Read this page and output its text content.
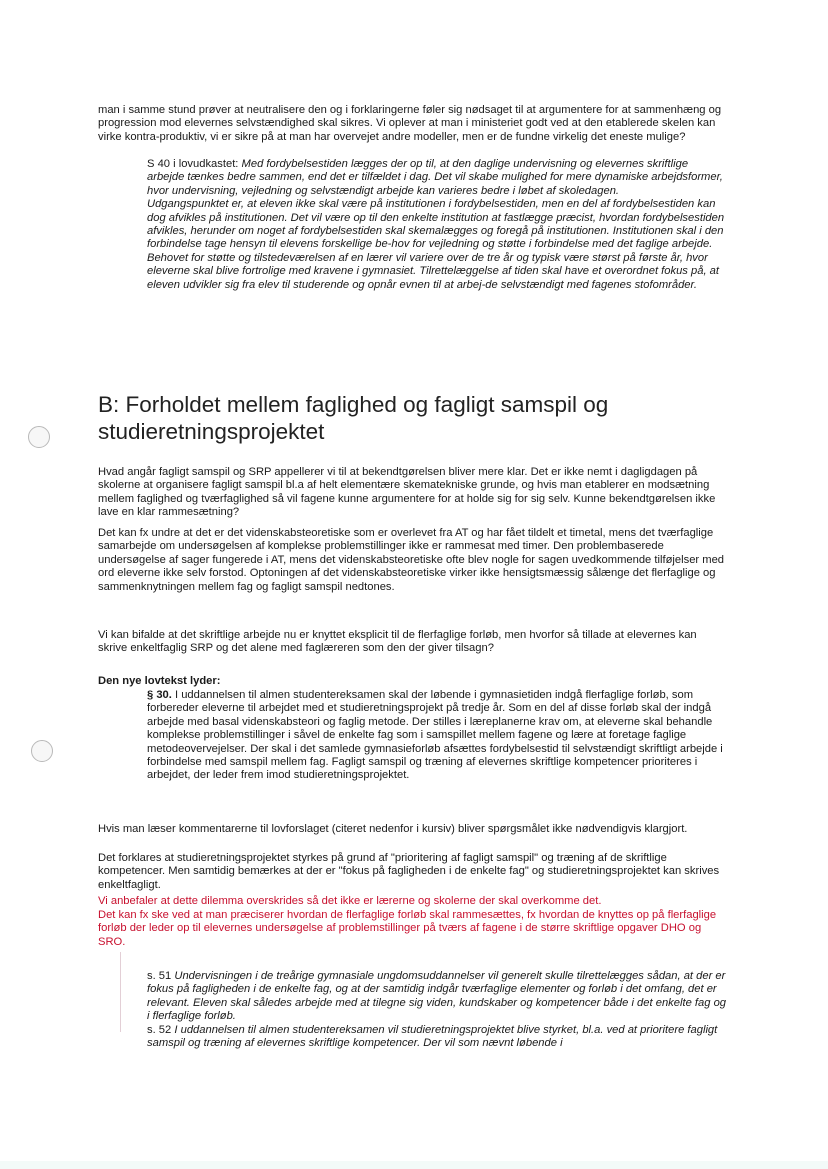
man i samme stund prøver at neutralisere den og i forklaringerne føler sig nødsaget til at argumentere for at sammenhæng og progression mod elevernes selvstændighed skal sikres. Vi oplever at man i ministeriet godt ved at den etablerede skelen kan virke kontra-produktiv, vi er sikre på at man har overvejet andre modeller, men er de fundne virkelig det eneste mulige?

S 40 i lovudkastet: Med fordybelsestiden lægges der op til, at den daglige undervisning og elevernes skriftlige arbejde tænkes bedre sammen, end det er tilfældet i dag. Det vil skabe mulighed for mere dynamiske arbejdsformer, hvor undervisning, vejledning og selvstændigt arbejde kan varieres bedre i løbet af skoledagen.

Udgangspunktet er, at eleven ikke skal være på institutionen i fordybelsestiden, men en del af fordybelsestiden kan dog afvikles på institutionen. Det vil være op til den enkelte institution at fastlægge præcist, hvordan fordybelsestiden afvikles, herunder om noget af fordybelsestiden skal skemalægges og foregå på institutionen. Institutionen skal i den forbindelse tage hensyn til elevens forskellige be-hov for vejledning og støtte i forbindelse med det faglige arbejde.

Behovet for støtte og tilstedeværelsen af en lærer vil variere over de tre år og typisk være størst på første år, hvor eleverne skal blive fortrolige med kravene i gymnasiet. Tilrettelæggelse af tiden skal have et overordnet fokus på, at eleven udvikler sig fra elev til studerende og opnår evnen til at arbej-de selvstændigt med fagenes stofområder.

B: Forholdet mellem faglighed og fagligt samspil og studieretningsprojektet

Hvad angår fagligt samspil og SRP appellerer vi til at bekendtgørelsen bliver mere klar. Det er ikke nemt i dagligdagen på skolerne at organisere fagligt samspil bl.a af helt elementære skematekniske grunde, og hvis man etablerer en modsætning mellem faglighed og tværfaglighed så vil fagene kunne argumentere for at holde sig for sig selv. Kunne bekendtgørelsen ikke lave en klar rammesætning?

Det kan fx undre at det er det videnskabsteoretiske som er overlevet fra AT og har fået tildelt et timetal, mens det tværfaglige samarbejde om undersøgelsen af komplekse problemstillinger ikke er rammesat med timer. Den problembaserede undersøgelse af sager fungerede i AT, mens det videnskabsteoretiske ofte blev nogle for sagen uvedkommende tilføjelser med ord eleverne ikke selv forstod. Optoningen af det videnskabsteoretiske virker ikke hensigtsmæssig sålænge det flerfaglige og sammenknytningen mellem fag og fagligt samspil nedtones.

Vi kan bifalde at det skriftlige arbejde nu er knyttet eksplicit til de flerfaglige forløb, men hvorfor så tillade at elevernes kan skrive enkeltfaglig SRP og det alene med faglæreren som den der giver tilsagn?

Den nye lovtekst lyder:

§ 30. I uddannelsen til almen studentereksamen skal der løbende i gymnasietiden indgå flerfaglige forløb, som forbereder eleverne til arbejdet med et studieretningsprojekt på tredje år. Som en del af disse forløb skal der indgå arbejde med basal videnskabsteori og faglig metode. Der stilles i læreplanerne krav om, at eleverne skal behandle komplekse problemstillinger i såvel de enkelte fag som i samspillet mellem fagene og lære at foretage faglige metodeovervejelser. Der skal i det samlede gymnasieforløb afsættes fordybelsestid til selvstændigt skriftligt arbejde i forbindelse med samspil mellem fag. Fagligt samspil og træning af elevernes skriftlige kompetencer prioriteres i arbejdet, der leder frem imod studieretningsprojektet.

Hvis man læser kommentarerne til lovforslaget (citeret nedenfor i kursiv) bliver spørgsmålet ikke nødvendigvis klargjort.

Det forklares at studieretningsprojektet styrkes på grund af "prioritering af fagligt samspil" og træning af de skriftlige kompetencer. Men samtidig bemærkes at der er "fokus på fagligheden i de enkelte fag" og studieretningsprojektet kan skrives enkeltfagligt.

Vi anbefaler at dette dilemma overskrides så det ikke er lærerne og skolerne der skal overkomme det.

Det kan fx ske ved at man præciserer hvordan de flerfaglige forløb skal rammesættes, fx hvordan de knyttes op på flerfaglige forløb der leder op til elevernes undersøgelse af problemstillinger på tværs af fagene i de større skriftlige opgaver DHO og SRO.

s. 51 Undervisningen i de treårige gymnasiale ungdomsuddannelser vil generelt skulle tilrettelægges sådan, at der er fokus på fagligheden i de enkelte fag, og at der samtidig indgår tværfaglige elementer og forløb i det omfang, det er relevant. Eleven skal således arbejde med at tilegne sig viden, kundskaber og kompetencer både i det enkelte fag og i flerfaglige forløb.

s. 52 I uddannelsen til almen studentereksamen vil studieretningsprojektet blive styrket, bl.a. ved at prioritere fagligt samspil og træning af elevernes skriftlige kompetencer. Der vil som nævnt løbende i
